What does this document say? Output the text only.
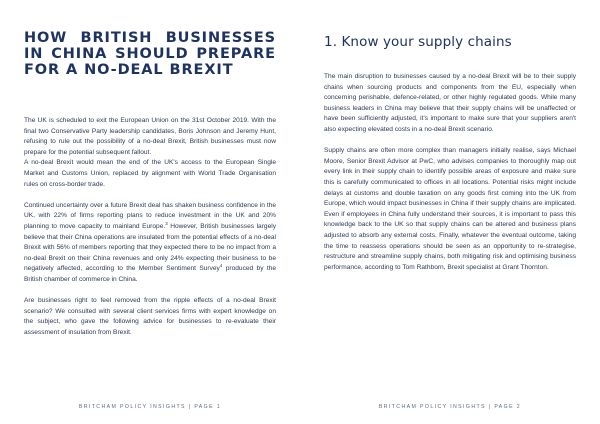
HOW BRITISH BUSINESSES IN CHINA SHOULD PREPARE FOR A NO-DEAL BREXIT

The UK is scheduled to exit the European Union on the 31st October 2019. With the final two Conservative Party leadership candidates, Boris Johnson and Jeremy Hunt, refusing to rule out the possibility of a no-deal Brexit, British businesses must now prepare for the potential subsequent fallout.

A no-deal Brexit would mean the end of the UK's access to the European Single Market and Customs Union, replaced by alignment with World Trade Organisation rules on cross-border trade.

Continued uncertainty over a future Brexit deal has shaken business confidence in the UK, with 22% of firms reporting plans to reduce investment in the UK and 20% planning to move capacity to mainland Europe.$^3$ However, British businesses largely believe that their China operations are insulated from the potential effects of a no-deal Brexit with 56% of members reporting that they expected there to be no impact from a no-deal Brexit on their China revenues and only 24% expecting their business to be negatively affected, according to the Member Sentiment Survey$^4$ produced by the British chamber of commerce in China.

Are businesses right to feel removed from the ripple effects of a no-deal Brexit scenario? We consulted with several client services firms with expert knowledge on the subject, who gave the following advice for businesses to re-evaluate their assessment of insulation from Brexit.

BRITCHAM POLICY INSIGHTS | PAGE 1
1. Know your supply chains

The main disruption to businesses caused by a no-deal Brexit will be to their supply chains when sourcing products and components from the EU, especially when concerning perishable, defence-related, or other highly regulated goods. While many business leaders in China may believe that their supply chains will be unaffected or have been sufficiently adjusted, it's important to make sure that your suppliers aren't also expecting elevated costs in a no-deal Brexit scenario.

Supply chains are often more complex than managers initially realise, says Michael Moore, Senior Brexit Advisor at PwC, who advises companies to thoroughly map out every link in their supply chain to identify possible areas of exposure and make sure this is carefully communicated to offices in all locations. Potential risks might include delays at customs and double taxation on any goods first coming into the UK from Europe, which would impact businesses in China if their supply chains are implicated. Even if employees in China fully understand their sources, it is important to pass this knowledge back to the UK so that supply chains can be altered and business plans adjusted to absorb any external costs. Finally, whatever the eventual outcome, taking the time to reassess operations should be seen as an opportunity to re-strategise, restructure and streamline supply chains, both mitigating risk and optimising business performance, according to Tom Rathborn, Brexit specialist at Grant Thornton.

BRITCHAM POLICY INSIGHTS | PAGE 2
